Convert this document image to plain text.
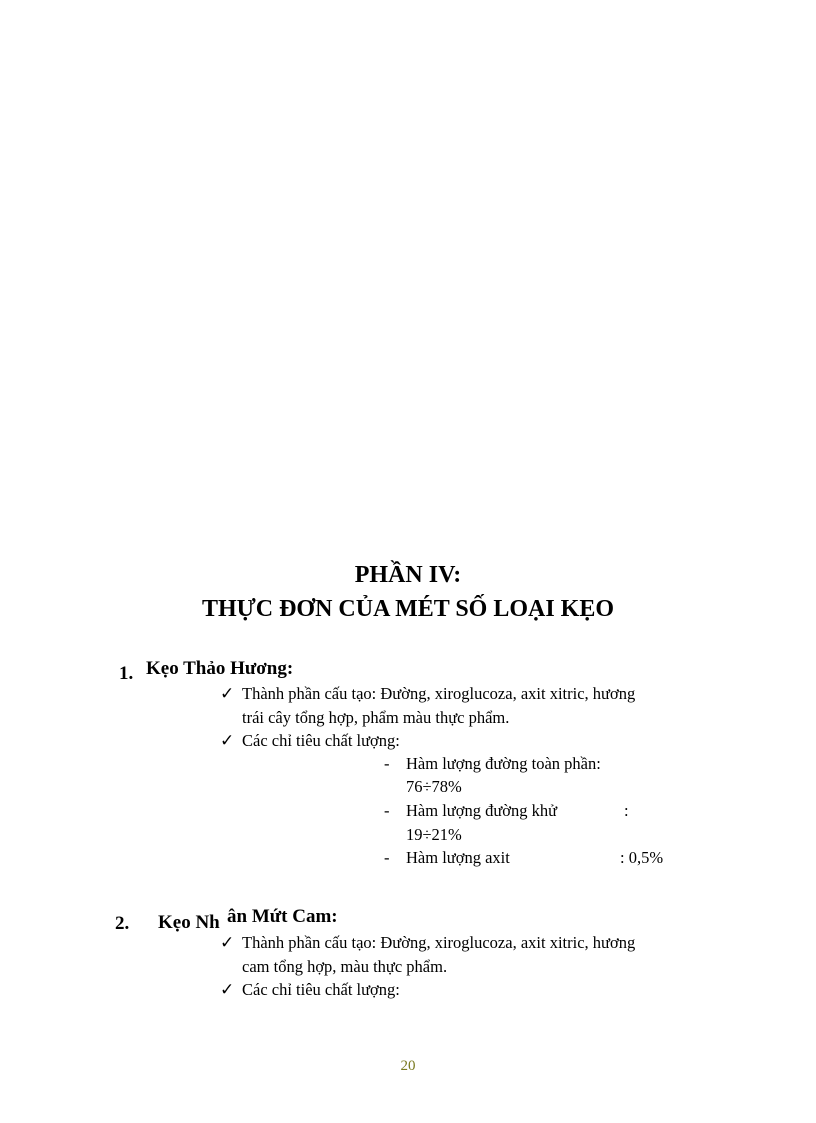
PHẦN IV:
THỰC ĐƠN CỦA MÉT SỐ LOẠI KẸO
1. Kẹo Thảo Hương:
✓ Thành phần cấu tạo: Đường, xiroglucoza, axit xitric, hương
trái cây tổng hợp, phẩm màu thực phẩm.
✓ Các chỉ tiêu chất lượng:
- Hàm lượng đường toàn phần:
76÷78%
- Hàm lượng đường khử	:
19÷21%
- Hàm lượng axit	: 0,5%
2. Kẹo Nh ân Mứt Cam:
✓ Thành phần cấu tạo: Đường, xiroglucoza, axit xitric, hương
cam tổng hợp, màu thực phẩm.
✓ Các chỉ tiêu chất lượng:
20
